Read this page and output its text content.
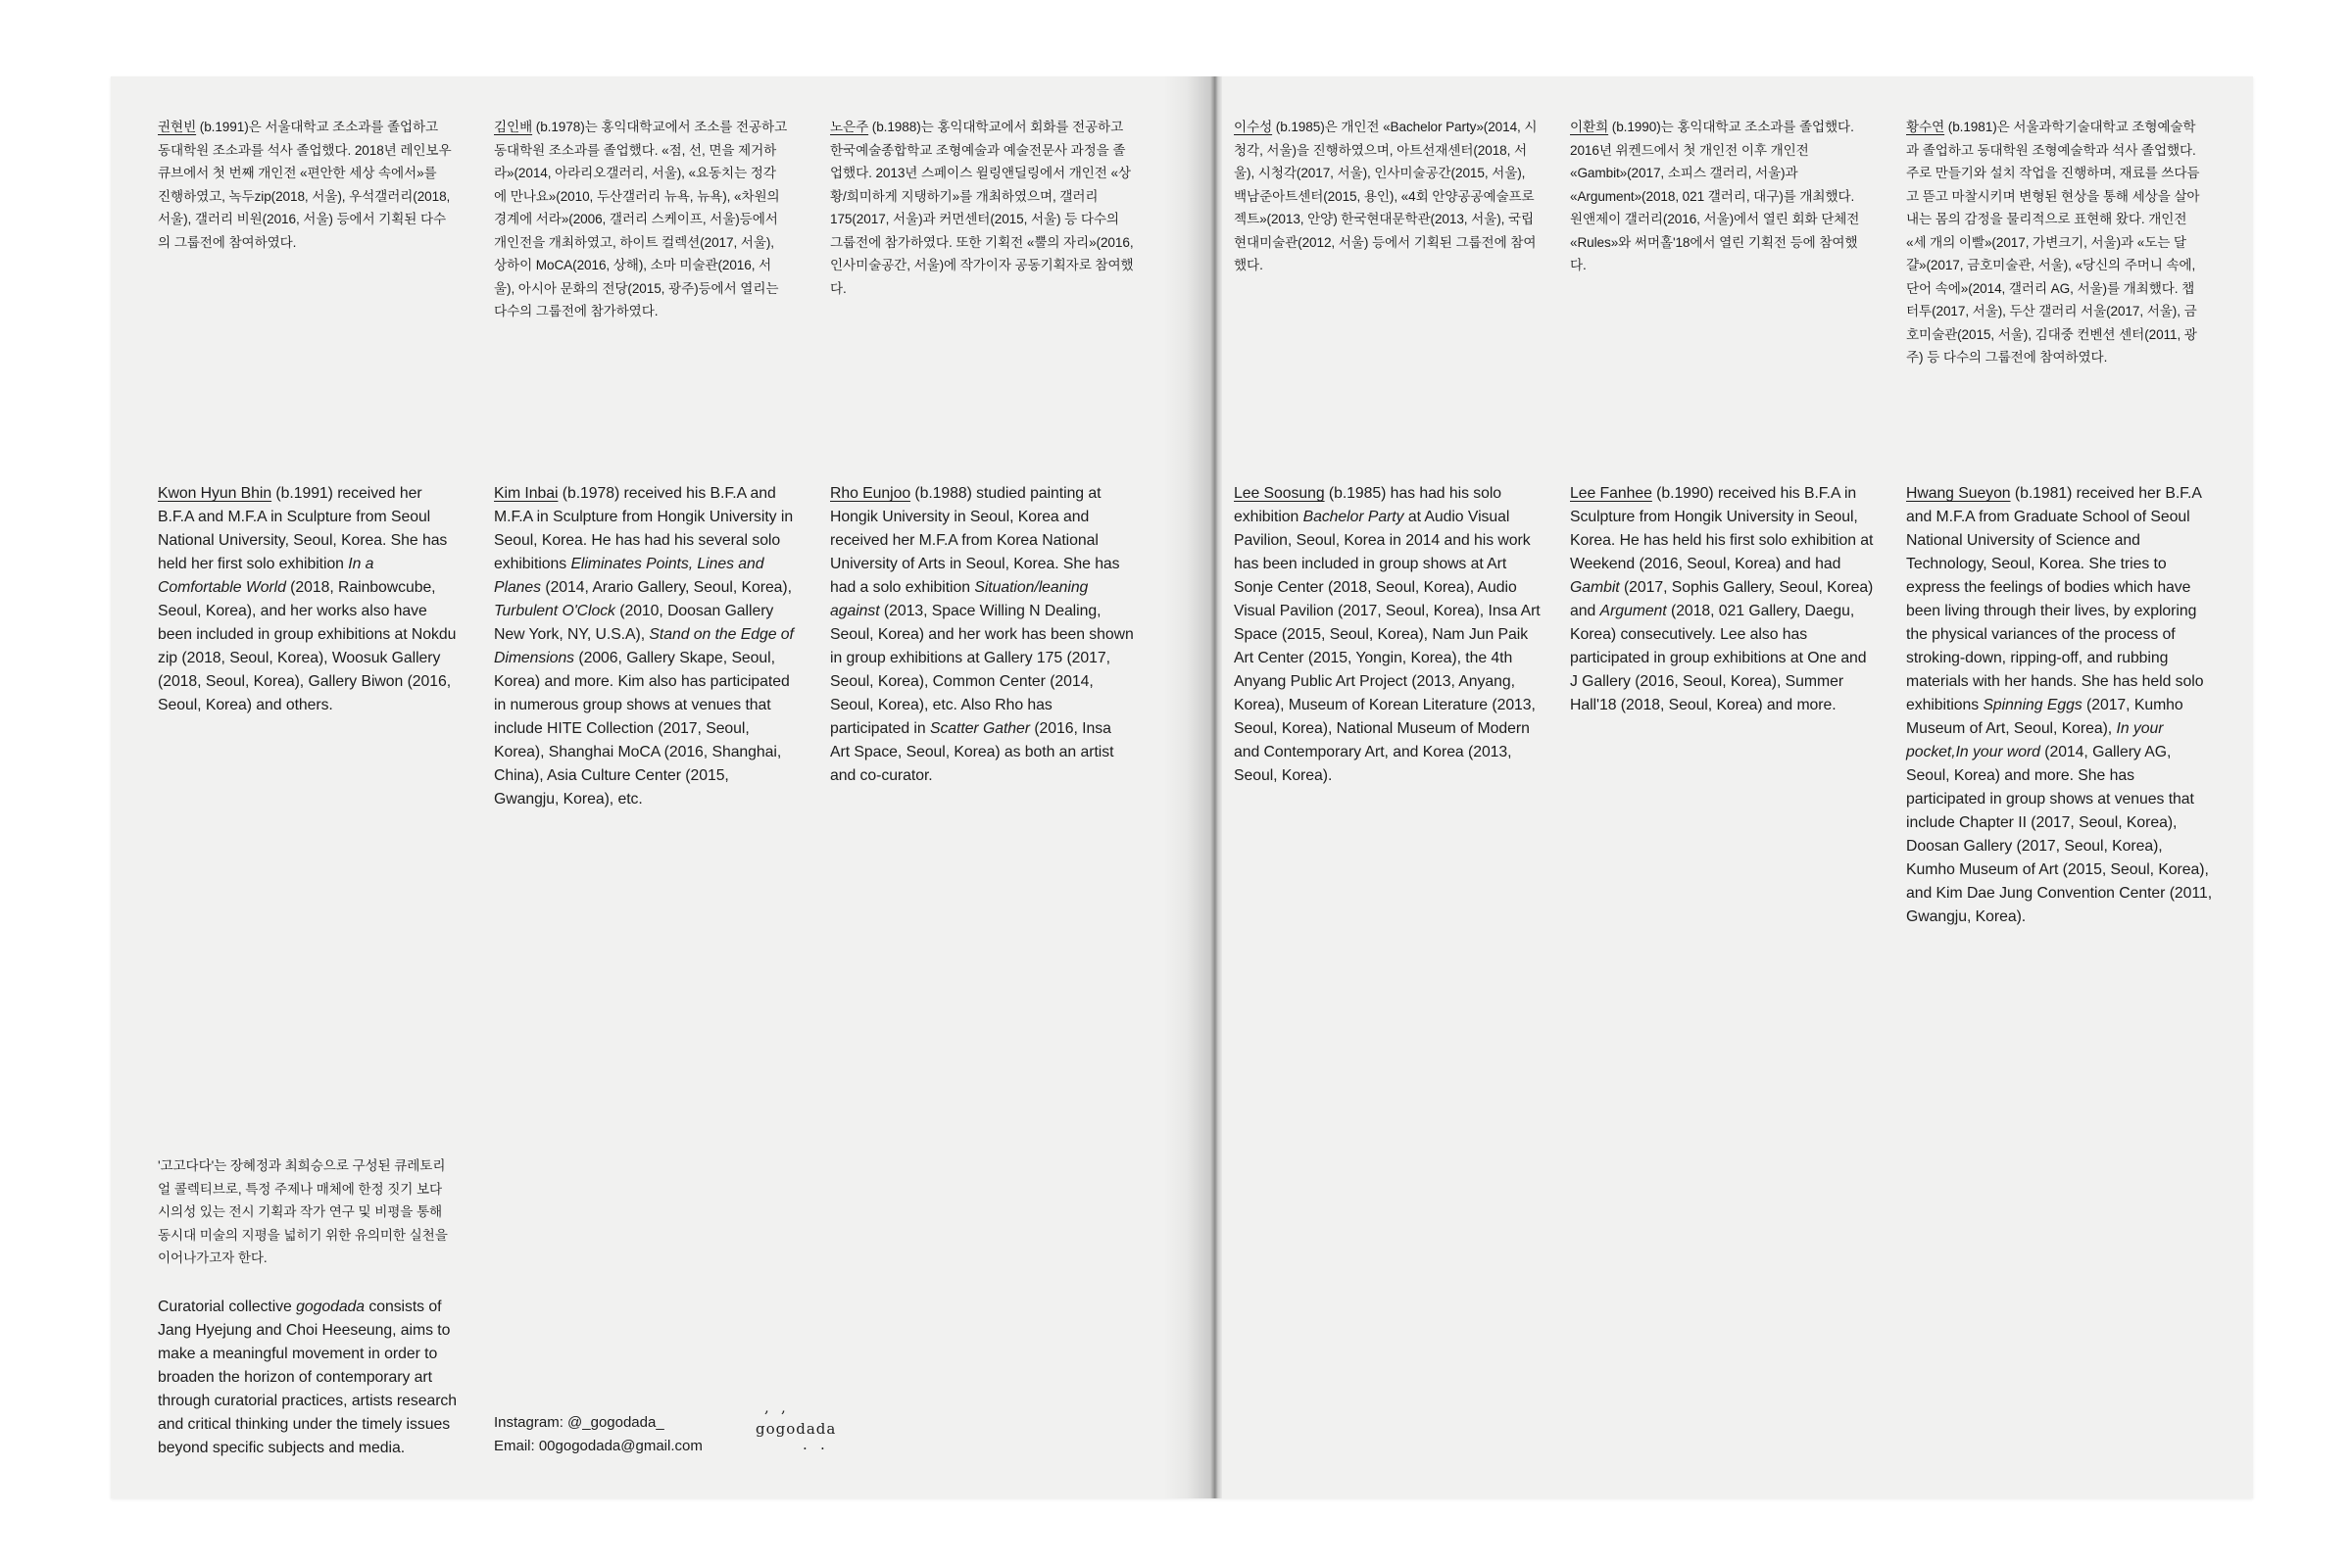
권현빈 (b.1991)은 서울대학교 조소과를 졸업하고 동대학원 조소과를 석사 졸업했다. 2018년 레인보우큐브에서 첫 번째 개인전 «편안한 세상 속에서»를 진행하였고, 녹두zip(2018, 서울), 우석갤러리(2018, 서울), 갤러리 비원(2016, 서울) 등에서 기획된 다수의 그룹전에 참여하였다.

김인배 (b.1978)는 홍익대학교에서 조소를 전공하고 동대학원 조소과를 졸업했다. «점, 선, 면을 제거하라»(2014, 아라리오갤러리, 서울), «요동치는 정각에 만나요»(2010, 두산갤러리 뉴욕, 뉴욕), «차원의 경계에 서라»(2006, 갤러리 스케이프, 서울)등에서 개인전을 개최하였고, 하이트 컬렉션(2017, 서울), 상하이 MoCA(2016, 상해), 소마 미술관(2016, 서울), 아시아 문화의 전당(2015, 광주)등에서 열리는 다수의 그룹전에 참가하였다.

노은주 (b.1988)는 홍익대학교에서 회화를 전공하고 한국예술종합학교 조형예술과 예술전문사 과정을 졸업했다. 2013년 스페이스 윌링앤딜링에서 개인전 «상황/희미하게 지탱하기»를 개최하였으며, 갤러리 175(2017, 서울)과 커먼센터(2015, 서울) 등 다수의 그룹전에 참가하였다. 또한 기획전 «뿔의 자리»(2016, 인사미술공간, 서울)에 작가이자 공동기획자로 참여했다.

이수성 (b.1985)은 개인전 «Bachelor Party»(2014, 시청각, 서울)을 진행하였으며, 아트선재센터(2018, 서울), 시청각(2017, 서울), 인사미술공간(2015, 서울), 백남준아트센터(2015, 용인), «4회 안양공공예술프로젝트»(2013, 안양) 한국현대문학관(2013, 서울), 국립현대미술관(2012, 서울) 등에서 기획된 그룹전에 참여했다.

이환희 (b.1990)는 홍익대학교 조소과를 졸업했다. 2016년 위켄드에서 첫 개인전 이후 개인전 «Gambit»(2017, 소피스 갤러리, 서울)과 «Argument»(2018, 021 갤러리, 대구)를 개최했다. 원앤제이 갤러리(2016, 서울)에서 열린 회화 단체전 «Rules»와 써머홀'18에서 열린 기획전 등에 참여했다.

황수연 (b.1981)은 서울과학기술대학교 조형예술학과 졸업하고 동대학원 조형예술학과 석사 졸업했다. 주로 만들기와 설치 작업을 진행하며, 재료를 쓰다듬고 뜯고 마찰시키며 변형된 현상을 통해 세상을 살아내는 몸의 감정을 물리적으로 표현해 왔다. 개인전 «세 개의 이빨»(2017, 가변크기, 서울)과 «도는 달걀»(2017, 금호미술관, 서울), «당신의 주머니 속에, 단어 속에»(2014, 갤러리 AG, 서울)를 개최했다. 챕터투(2017, 서울), 두산 갤러리 서울(2017, 서울), 금호미술관(2015, 서울), 김대중 컨벤션 센터(2011, 광주) 등 다수의 그룹전에 참여하였다.

Kwon Hyun Bhin (b.1991) received her B.F.A and M.F.A in Sculpture from Seoul National University, Seoul, Korea. She has held her first solo exhibition In a Comfortable World (2018, Rainbowcube, Seoul, Korea), and her works also have been included in group exhibitions at Nokdu zip (2018, Seoul, Korea), Woosuk Gallery (2018, Seoul, Korea), Gallery Biwon (2016, Seoul, Korea) and others.

Kim Inbai (b.1978) received his B.F.A and M.F.A in Sculpture from Hongik University in Seoul, Korea. He has had his several solo exhibitions Eliminates Points, Lines and Planes (2014, Arario Gallery, Seoul, Korea), Turbulent O'Clock (2010, Doosan Gallery New York, NY, U.S.A), Stand on the Edge of Dimensions (2006, Gallery Skape, Seoul, Korea) and more. Kim also has participated in numerous group shows at venues that include HITE Collection (2017, Seoul, Korea), Shanghai MoCA (2016, Shanghai, China), Asia Culture Center (2015, Gwangju, Korea), etc.

Rho Eunjoo (b.1988) studied painting at Hongik University in Seoul, Korea and received her M.F.A from Korea National University of Arts in Seoul, Korea. She has had a solo exhibition Situation/leaning against (2013, Space Willing N Dealing, Seoul, Korea) and her work has been shown in group exhibitions at Gallery 175 (2017, Seoul, Korea), Common Center (2014, Seoul, Korea), etc. Also Rho has participated in Scatter Gather (2016, Insa Art Space, Seoul, Korea) as both an artist and co-curator.

Lee Soosung (b.1985) has had his solo exhibition Bachelor Party at Audio Visual Pavilion, Seoul, Korea in 2014 and his work has been included in group shows at Art Sonje Center (2018, Seoul, Korea), Audio Visual Pavilion (2017, Seoul, Korea), Insa Art Space (2015, Seoul, Korea), Nam Jun Paik Art Center (2015, Yongin, Korea), the 4th Anyang Public Art Project (2013, Anyang, Korea), Museum of Korean Literature (2013, Seoul, Korea), National Museum of Modern and Contemporary Art, and Korea (2013, Seoul, Korea).

Lee Fanhee (b.1990) received his B.F.A in Sculpture from Hongik University in Seoul, Korea. He has held his first solo exhibition at Weekend (2016, Seoul, Korea) and had Gambit (2017, Sophis Gallery, Seoul, Korea) and Argument (2018, 021 Gallery, Daegu, Korea) consecutively. Lee also has participated in group exhibitions at One and J Gallery (2016, Seoul, Korea), Summer Hall'18 (2018, Seoul, Korea) and more.

Hwang Sueyon (b.1981) received her B.F.A and M.F.A from Graduate School of Seoul National University of Science and Technology, Seoul, Korea. She tries to express the feelings of bodies which have been living through their lives, by exploring the physical variances of the process of stroking-down, ripping-off, and rubbing materials with her hands. She has held solo exhibitions Spinning Eggs (2017, Kumho Museum of Art, Seoul, Korea), In your pocket,In your word (2014, Gallery AG, Seoul, Korea) and more. She has participated in group shows at venues that include Chapter II (2017, Seoul, Korea), Doosan Gallery (2017, Seoul, Korea), Kumho Museum of Art (2015, Seoul, Korea), and Kim Dae Jung Convention Center (2011, Gwangju, Korea).

'고고다다'는 장혜정과 최희승으로 구성된 큐레토리얼 콜렉티브로, 특정 주제나 매체에 한정 짓기 보다 시의성 있는 전시 기획과 작가 연구 및 비평을 통해 동시대 미술의 지평을 넓히기 위한 유의미한 실천을 이어나가고자 한다.

Curatorial collective gogodada consists of Jang Hyejung and Choi Heeseung, aims to make a meaningful movement in order to broaden the horizon of contemporary art through curatorial practices, artists research and critical thinking under the timely issues beyond specific subjects and media.

Instagram: @_gogodada_
Email: 00gogodada@gmail.com
, ,
gogodada
. .
